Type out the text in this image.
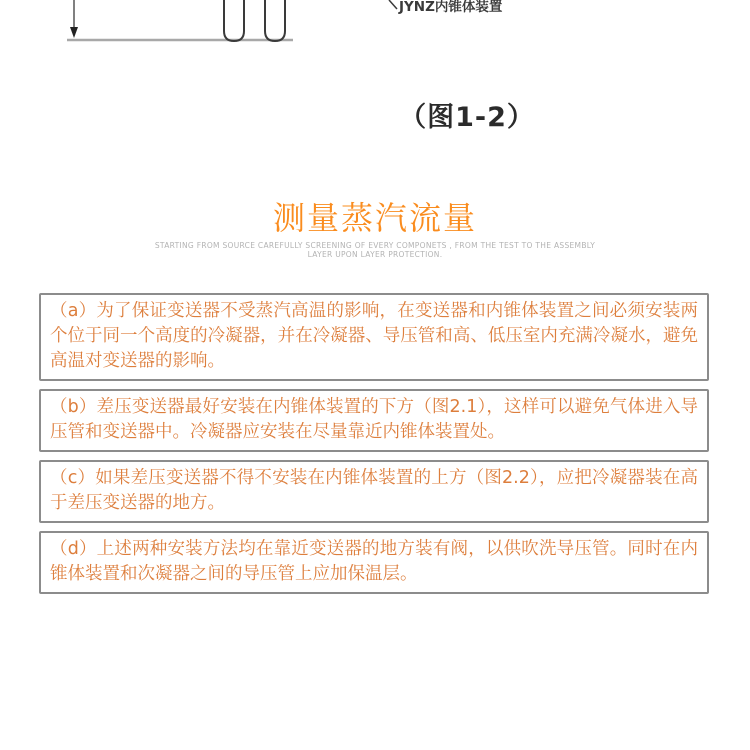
JYNZ内锥体装置
（图1-2）
测量蒸汽流量
STARTING FROM SOURCE CAREFULLY SCREENING OF EVERY COMPONETS , FROM THE TEST TO THE ASSEMBLY
LAYER UPON LAYER PROTECTION.
（a）为了保证变送器不受蒸汽高温的影响，在变送器和内锥体装置之间必须安装两个位于同一个高度的冷凝器，并在冷凝器、导压管和高、低压室内充满冷凝水，避免高温对变送器的影响。
（b）差压变送器最好安装在内锥体装置的下方（图2.1），这样可以避免气体进入导压管和变送器中。冷凝器应安装在尽量靠近内锥体装置处。
（c）如果差压变送器不得不安装在内锥体装置的上方（图2.2），应把冷凝器装在高于差压变送器的地方。
（d）上述两种安装方法均在靠近变送器的地方装有阀，以供吹洗导压管。同时在内锥体装置和次凝器之间的导压管上应加保温层。
